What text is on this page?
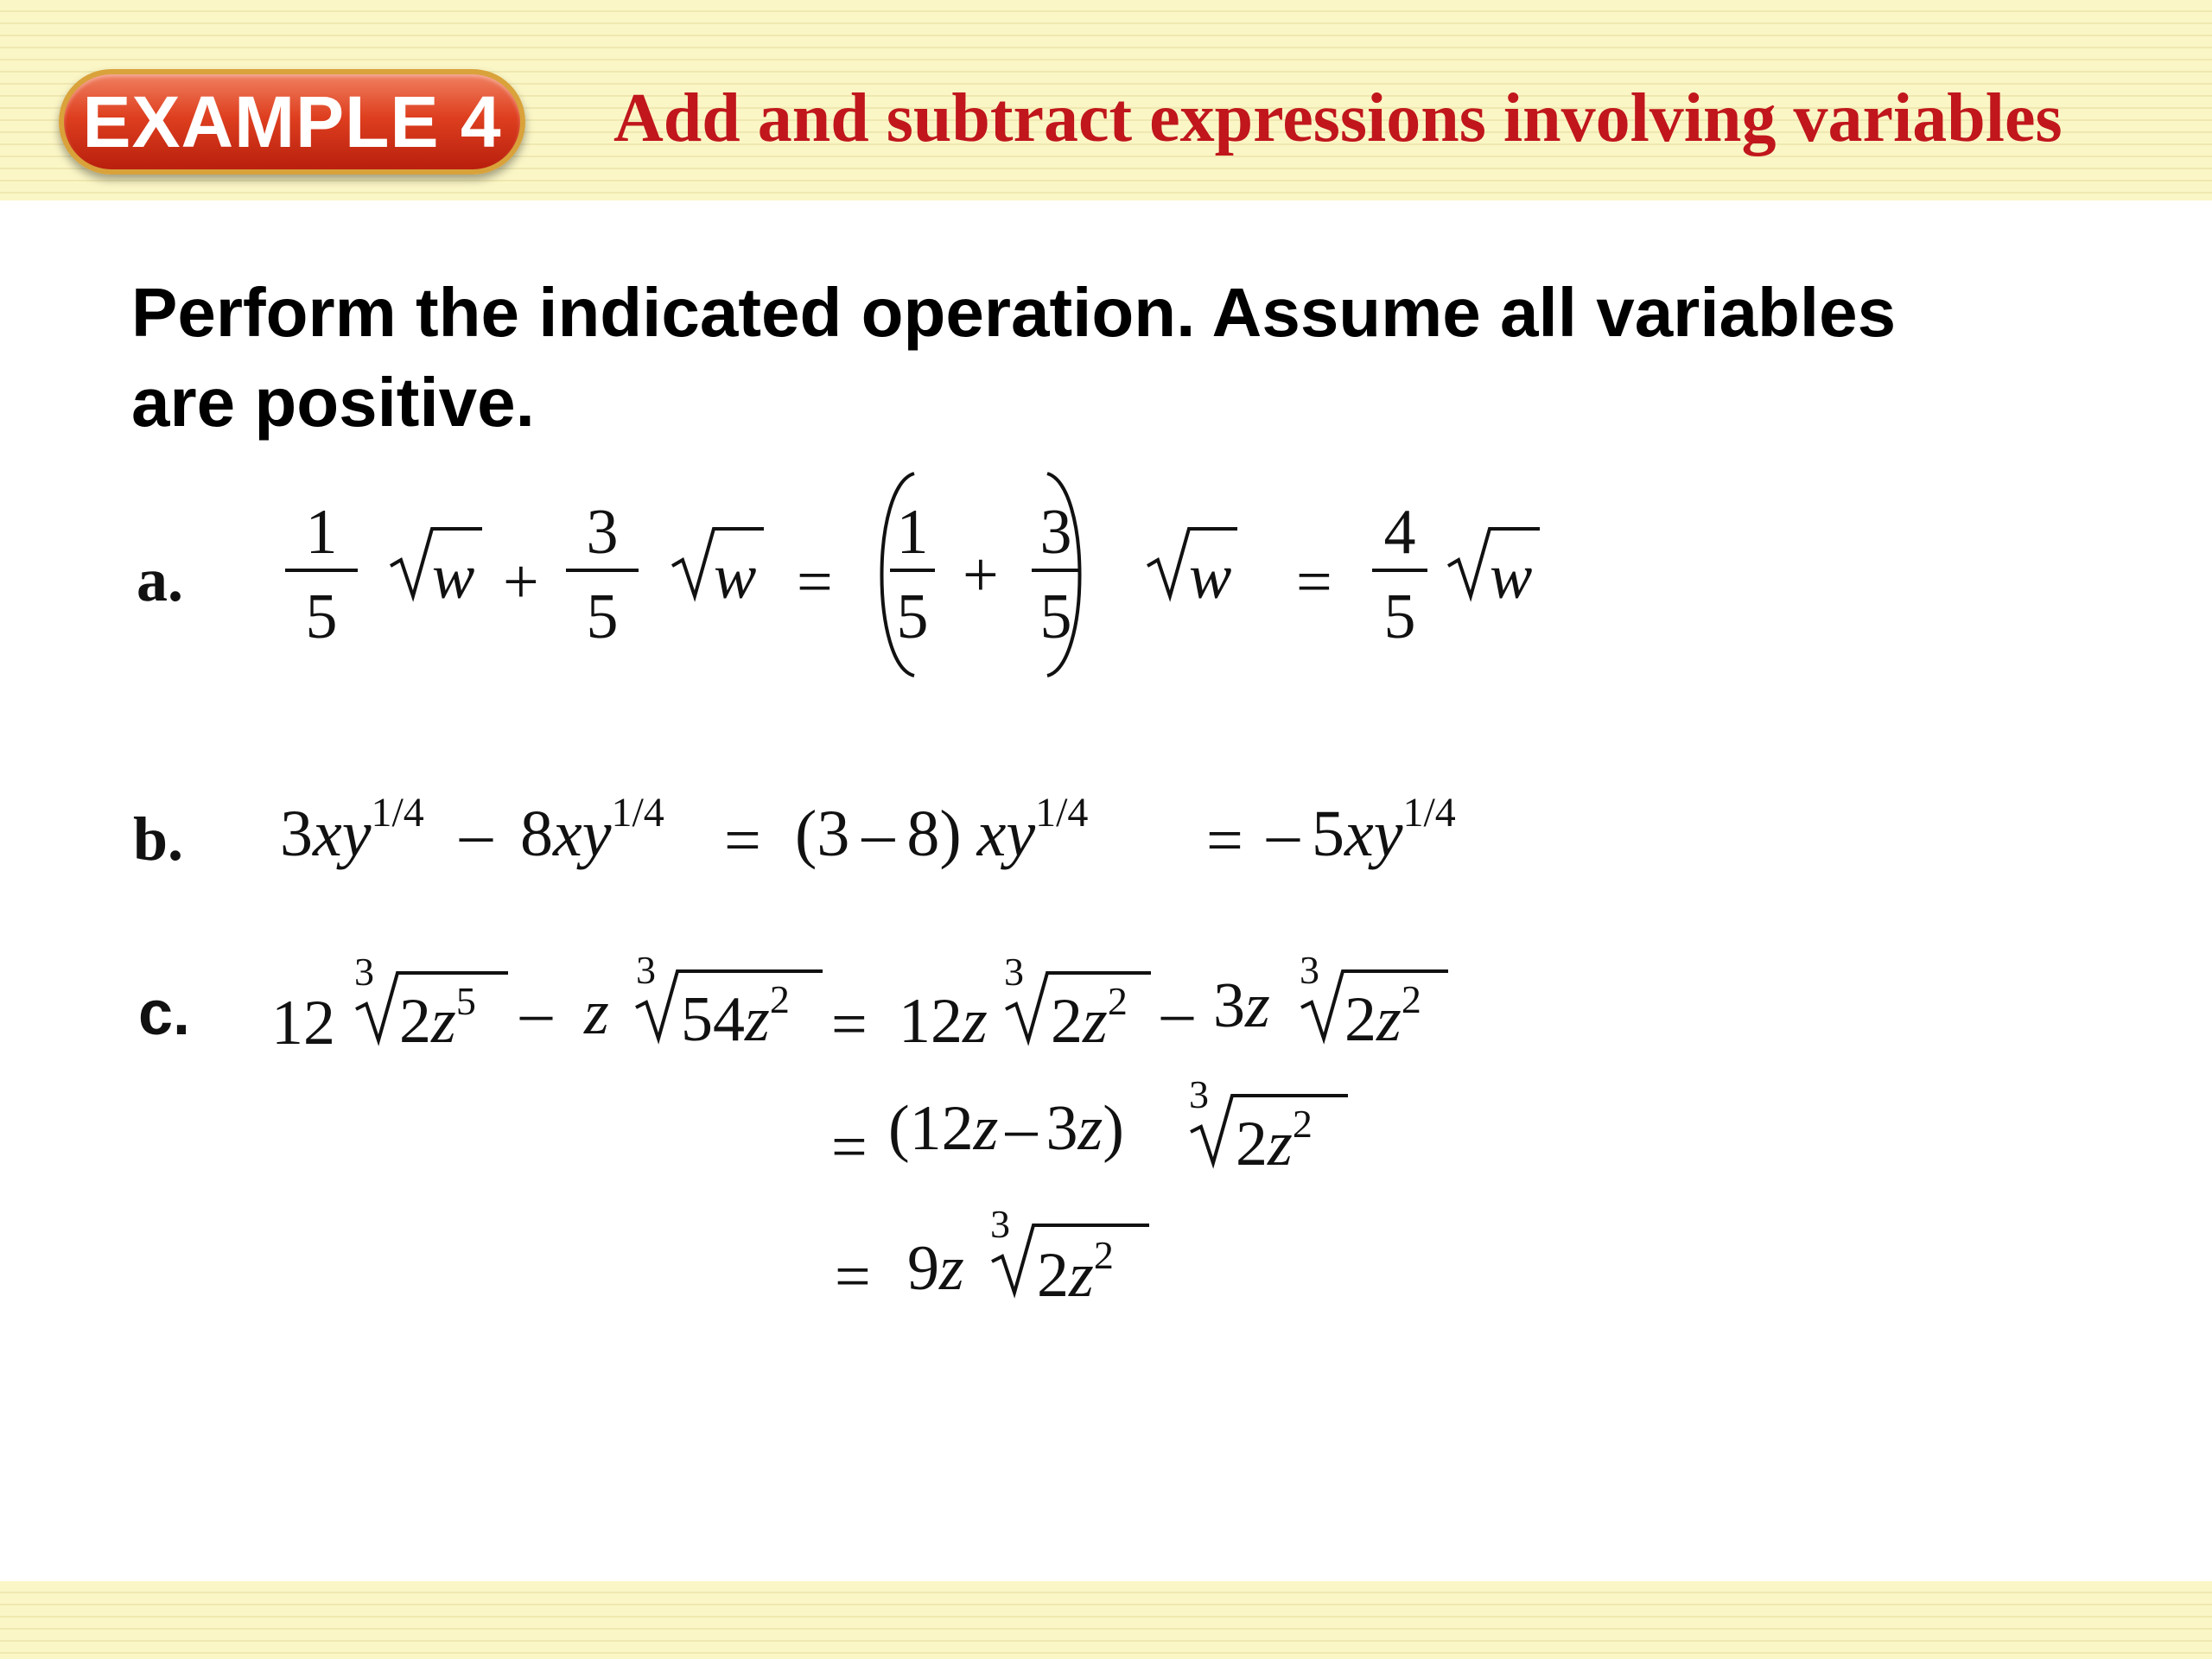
EXAMPLE 4	Add and subtract expressions involving variables
Perform the indicated operation. Assume all variables
are positive.
a.
b.
c.
1
5
w +
3
5
w =
1
5
+
3
5
w =
4
5
w
$3xy^{1/4} - 8xy^{1/4} = (3 - 8) xy^{1/4}$ = – $5xy^{1/4}$
12
3
$2z^5$ – z
3
$54z^2 = 12z$
3
$2z^2 - 3z$
3
$2z^2$
= (12z – 3z) 3
$2z^2$
= 9z
3
$2z^2$
